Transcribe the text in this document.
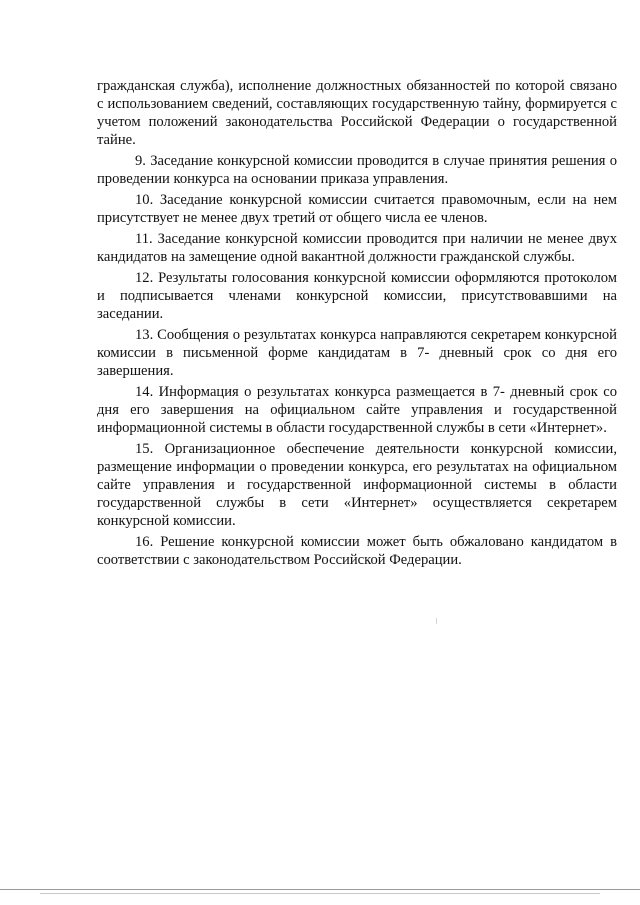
гражданская служба), исполнение должностных обязанностей по которой связано с использованием сведений, составляющих государственную тайну, формируется с учетом положений законодательства Российской Федерации о государственной тайне.

9. Заседание конкурсной комиссии проводится в случае принятия решения о проведении конкурса на основании приказа управления.

10. Заседание конкурсной комиссии считается правомочным, если на нем присутствует не менее двух третий от общего числа ее членов.

11. Заседание конкурсной комиссии проводится при наличии не менее двух кандидатов на замещение одной вакантной должности гражданской службы.

12. Результаты голосования конкурсной комиссии оформляются протоколом и подписывается членами конкурсной комиссии, присутствовавшими на заседании.

13. Сообщения о результатах конкурса направляются секретарем конкурсной комиссии в письменной форме кандидатам в 7- дневный срок со дня его завершения.

14. Информация о результатах конкурса размещается в 7- дневный срок со дня его завершения на официальном сайте управления и государственной информационной системы в области государственной службы в сети «Интернет».

15. Организационное обеспечение деятельности конкурсной комиссии, размещение информации о проведении конкурса, его результатах на официальном сайте управления и государственной информационной системы в области государственной службы в сети «Интернет» осуществляется секретарем конкурсной комиссии.

16. Решение конкурсной комиссии может быть обжаловано кандидатом в соответствии с законодательством Российской Федерации.
